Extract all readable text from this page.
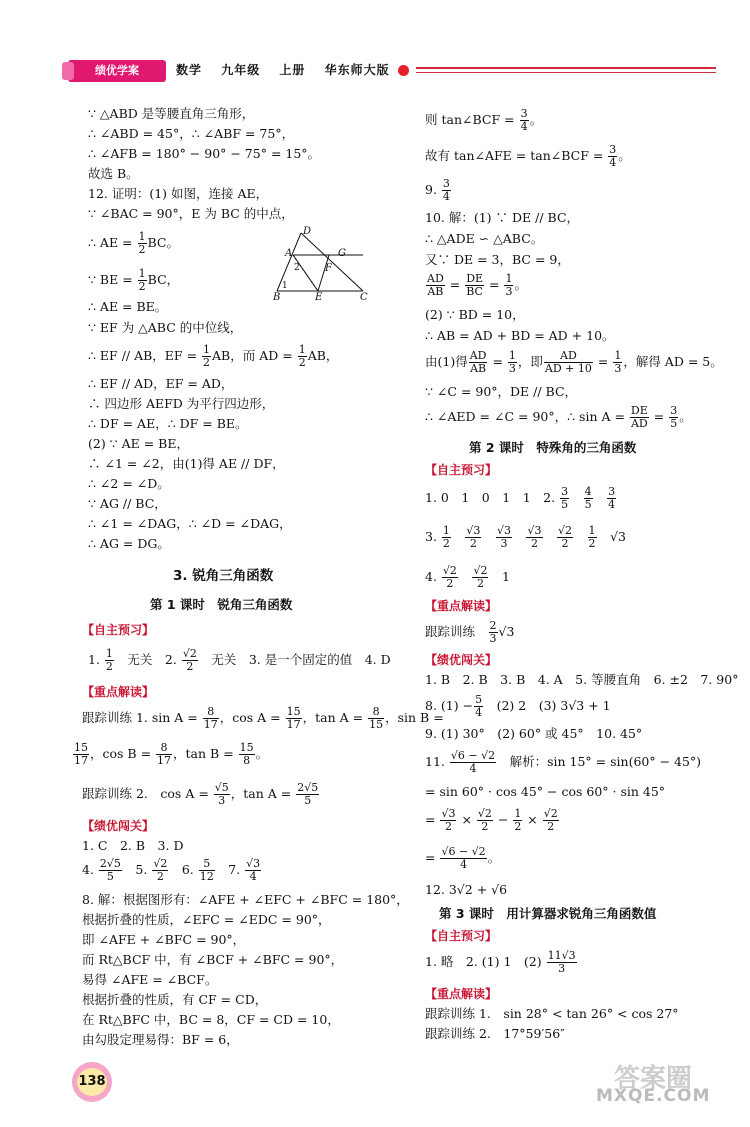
绩优学案	数学 九年级 上册 华东师大版
∵ △ABD 是等腰直角三角形，
∴ ∠ABD = 45°，∴ ∠ABF = 75°，
∴ ∠AFB = 180° − 90° − 75° = 15°。
故选 B。
12. 证明：(1) 如图，连接 AE，
∵ ∠BAC = 90°，E 为 BC 的中点，
∴ AE = $\frac{1}{2}$ BC。
∵ BE = $\frac{1}{2}$ BC，
∴ AE = BE。
∵ EF 为 △ABC 的中位线，
∴ EF // AB，EF = $\frac{1}{2}$ AB，而 AD = $\frac{1}{2}$ AB，
∴ EF // AD，EF = AD，
∴ 四边形 AEFD 为平行四边形，
∴ DF = AE，∴ DF = BE。
(2) ∵ AE = BE，
∴ ∠1 = ∠2，由(1)得 AE // DF，
∴ ∠2 = ∠D。
∵ AG // BC，
∴ ∠1 = ∠DAG，∴ ∠D = ∠DAG，
∴ AG = DG。
D
A	G
F
2
1
B	E	C
3. 锐角三角函数
第 1 课时　锐角三角函数
【自主预习】
1. $\frac{1}{2}$ 　无关　2. $\frac{√2}{2}$ 　无关　3. 是一个固定的值　4. D
【重点解读】
跟踪训练 1. $\sin A = \frac{8}{17}$ ，$\cos A = \frac{15}{17}$ ，$\tan A = \frac{8}{15}$ ，sin B =
$\frac{15}{17}$ ，$\cos B = \frac{8}{17}$ ，$\tan B = \frac{15}{8}$ 。
跟踪训练 2.　$\cos A = \frac{√5}{3}$ ，$\tan A = \frac{2√5}{5}$
【绩优闯关】
1. C　2. B　3. D
4. $\frac{2√5}{5}$ 　5. $\frac{√2}{2}$ 　6. $\frac{5}{12}$ 　7. $\frac{√3}{4}$
8. 解：根据图形有：∠AFE + ∠EFC + ∠BFC = 180°，
根据折叠的性质，∠EFC = ∠EDC = 90°，
即 ∠AFE + ∠BFC = 90°，
而 Rt△BCF 中，有 ∠BCF + ∠BFC = 90°，
易得 ∠AFE = ∠BCF。
根据折叠的性质，有 CF = CD，
在 Rt△BFC 中，BC = 8，CF = CD = 10，
由勾股定理易得：BF = 6，
则 tan∠BCF = $\frac{3}{4}$ 。
故有 tan∠AFE = tan∠BCF = $\frac{3}{4}$ 。
9. $\frac{3}{4}$
10. 解：(1) ∵ DE // BC，
∴ △ADE ∽ △ABC。
又∵ DE = 3，BC = 9，
$\frac{AD}{AB} = \frac{DE}{BC} = \frac{1}{3}$ 。
(2) ∵ BD = 10，
∴ AB = AD + BD = AD + 10。
由(1)得 $\frac{AD}{AB} = \frac{1}{3}$ ，即 $\frac{AD}{AD + 10} = \frac{1}{3}$ ，解得 AD = 5。
∵ ∠C = 90°，DE // BC，
∴ ∠AED = ∠C = 90°，∴ $\sin A = \frac{DE}{AD} = \frac{3}{5}$ 。
第 2 课时　特殊角的三角函数
【自主预习】
1. 0　1　0　1　1　2. $\frac{3}{5}$
　 $\frac{4}{5}$
　 $\frac{3}{4}$
3. $\frac{1}{2}$
　 $\frac{√3}{2}$
　 $\frac{√3}{3}$
　 $\frac{√3}{2}$
　 $\frac{√2}{2}$
　 $\frac{1}{2}$
　 √3
4. $\frac{√2}{2}$
　 $\frac{√2}{2}$
　 1
【重点解读】
跟踪训练　 $\frac{2}{3} √3$
【绩优闯关】
1. B　2. B　3. B　4. A　5. 等腰直角　6. ±2　7. 90°
8. $(1) - \frac{5}{4}$ 　(2) 2　(3) 3√3 + 1
9. (1) 30°　(2) 60° 或 45°　10. 45°
11. $\frac{√6 - √2}{4}$ 　解析：sin 15° = sin(60° − 45°)
= sin 60° · cos 45° − cos 60° · sin 45°
= $\frac{√3}{2} \times \frac{√2}{2} - \frac{1}{2} \times \frac{√2}{2}$
= $\frac{√6 - √2}{4}$ 。
12. 3√2 + √6
第 3 课时　用计算器求锐角三角函数值
【自主预习】
1. 略　2. (1) 1　$(2) \frac{11√3}{3}$
【重点解读】
跟踪训练 1.　sin 28° < tan 26° < cos 27°
跟踪训练 2.　17°59′56″
138	答案圈
MXQE.COM
